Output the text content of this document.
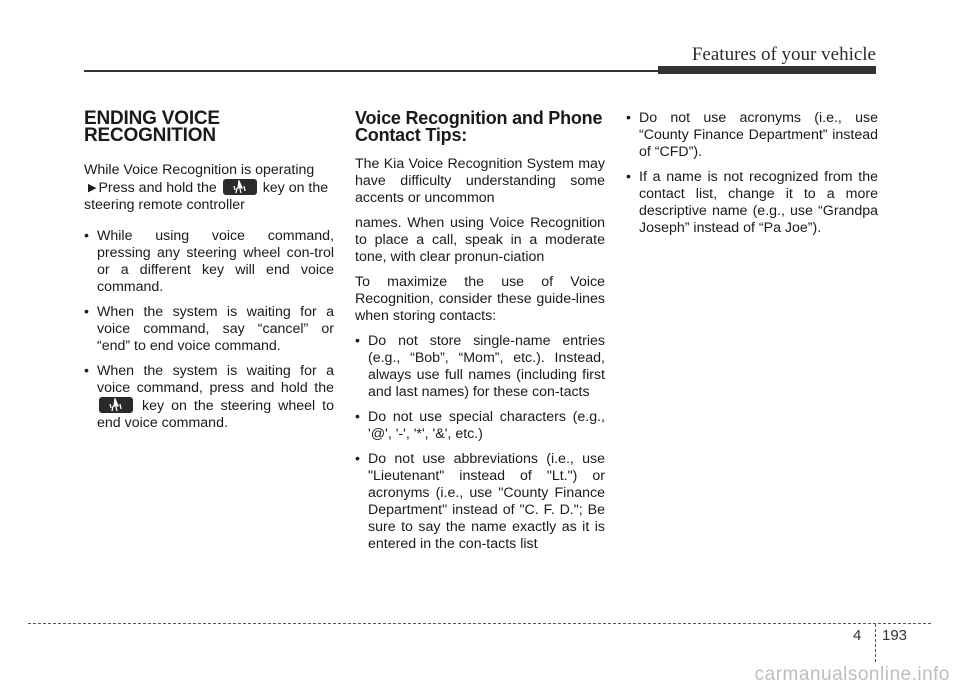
Features of your vehicle
ENDING VOICE
RECOGNITION

While Voice Recognition is operating
▶ Press and hold the	key on the

steering remote controller

• While using voice command, pressing any steering wheel con-trol or a different key will end voice command.
• When the system is waiting for a voice command, say “cancel” or “end” to end voice command.
• When the system is waiting for a voice command, press and hold the
key on the steering wheel to end voice command.
Voice Recognition and Phone
Contact Tips:

The Kia Voice Recognition System may have difficulty understanding some accents or uncommon

names. When using Voice Recognition to place a call, speak in a moderate tone, with clear pronun-ciation

To maximize the use of Voice Recognition, consider these guide-lines when storing contacts:

• Do not store single-name entries (e.g., “Bob”, “Mom”, etc.). Instead, always use full names (including first and last names) for these con-tacts
• Do not use special characters (e.g., '@', '-', '*', '&', etc.)
• Do not use abbreviations (i.e., use "Lieutenant" instead of "Lt.") or acronyms (i.e., use "County Finance Department" instead of "C. F. D."; Be sure to say the name exactly as it is entered in the con-tacts list
• Do not use acronyms (i.e., use “County Finance Department” instead of “CFD”).
• If a name is not recognized from the contact list, change it to a more descriptive name (e.g., use “Grandpa Joseph” instead of “Pa Joe”).
4 193
carmanualsonline.info
